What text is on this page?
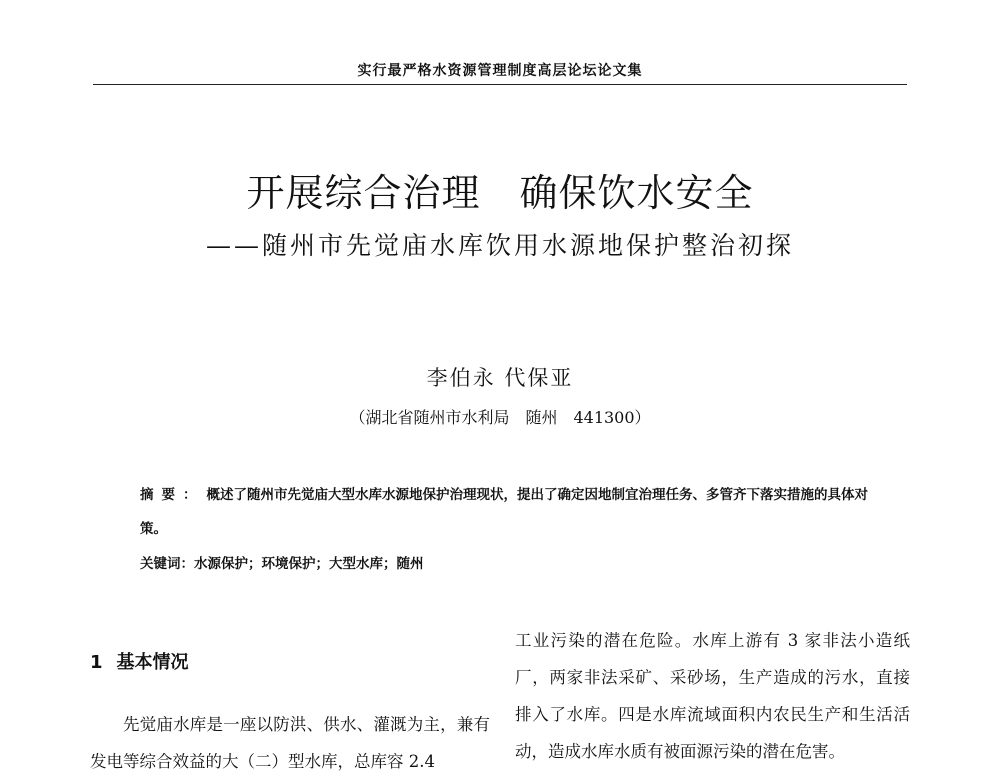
实行最严格水资源管理制度高层论坛论文集
开展综合治理　确保饮水安全
——随州市先觉庙水库饮用水源地保护整治初探
李伯永 代保亚
（湖北省随州市水利局　随州　441300）
摘要： 概述了随州市先觉庙大型水库水源地保护治理现状，提出了确定因地制宜治理任务、多管齐下落实措施的具体对策。
关键词：水源保护；环境保护；大型水库；随州
1 基本情况

先觉庙水库是一座以防洪、供水、灌溉为主，兼有发电等综合效益的大（二）型水库，总库容 2.4

工业污染的潜在危险。水库上游有 3 家非法小造纸厂，两家非法采矿、采砂场，生产造成的污水，直接排入了水库。四是水库流域面积内农民生产和生活活动，造成水库水质有被面源污染的潜在危害。
